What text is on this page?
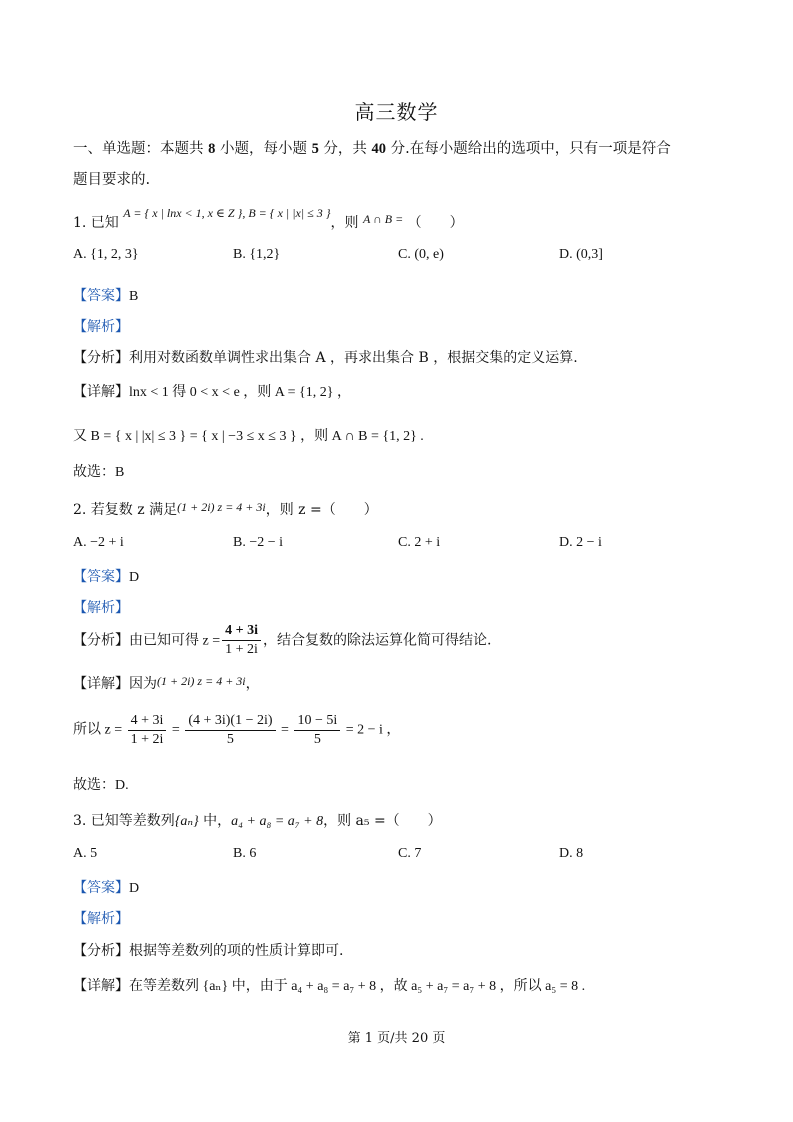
高三数学
一、单选题：本题共 8 小题，每小题 5 分，共 40 分.在每小题给出的选项中，只有一项是符合
题目要求的.
1. 已知 A = { x | lnx < 1, x ∈ Z }, B = { x | |x| ≤ 3 }，则 A ∩ B = （　　）
A. {1, 2, 3}	B. {1,2}	C. (0, e)	D. (0,3]
【答案】B
【解析】
【分析】利用对数函数单调性求出集合 A ，再求出集合 B ，根据交集的定义运算.
【详解】lnx < 1 得 0 < x < e ，则 A = {1, 2} ，
又 B = { x | |x| ≤ 3 } = { x | −3 ≤ x ≤ 3 } ，则 A ∩ B = {1, 2} .
故选：B
2. 若复数 z 满足(1 + 2i) z = 4 + 3i，则 z =（　　）
A. −2 + i	B. −2 − i	C. 2 + i	D. 2 − i
【答案】D
【解析】
【分析】由已知可得 $z = \frac{4 + 3i}{1 + 2i}$ ，结合复数的除法运算化简可得结论.
【详解】因为(1 + 2i) z = 4 + 3i，
所以 $z = \frac{4 + 3i}{1 + 2i} = \frac{(4 + 3i)(1 - 2i)}{5} = \frac{10 - 5i}{5} = 2 - i$ ，
故选：D.
3. 已知等差数列{aₙ} 中，a₄ + a₈ = a₇ + 8，则 a₅ =（　　）
A. 5	B. 6	C. 7	D. 8
【答案】D
【解析】
【分析】根据等差数列的项的性质计算即可.
【详解】在等差数列 {aₙ} 中，由于 a₄ + a₈ = a₇ + 8 ，故 a₅ + a₇ = a₇ + 8 ，所以 a₅ = 8 .
第 1 页/共 20 页
